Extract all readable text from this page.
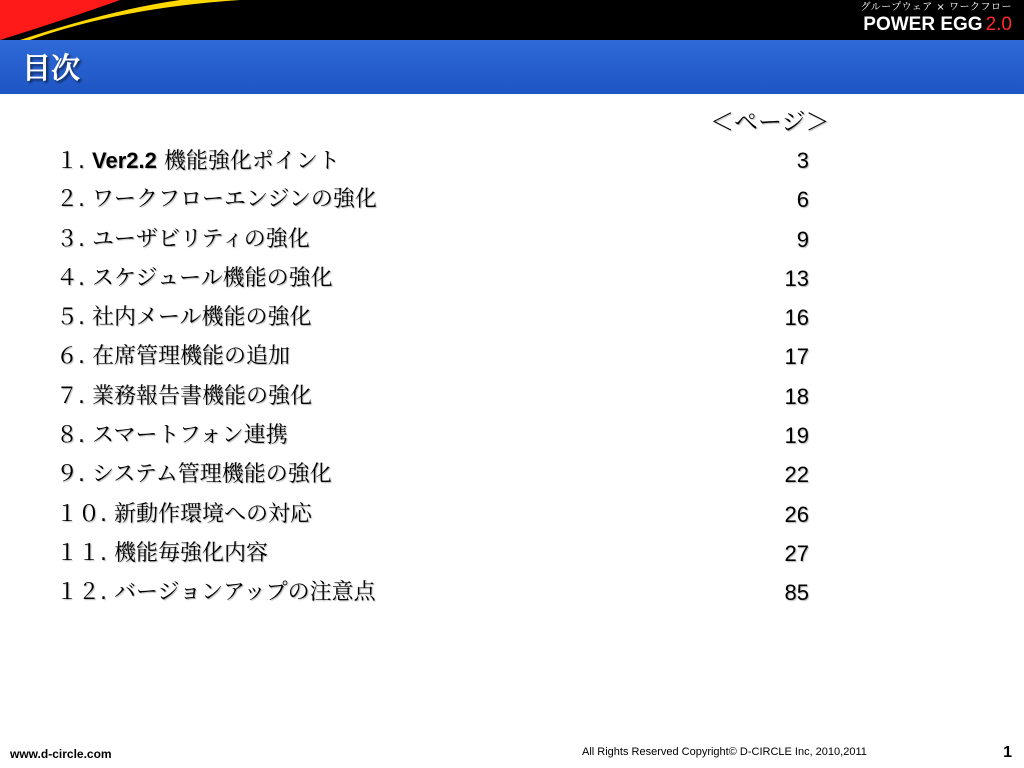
グループウェア × ワークフロー
POWER EGG 2.0
目次
＜ページ＞
１. Ver2.2 機能強化ポイント	3
２. ワークフローエンジンの強化	6
３. ユーザビリティの強化	9
４. スケジュール機能の強化	13
５. 社内メール機能の強化	16
６. 在席管理機能の追加	17
７. 業務報告書機能の強化	18
８. スマートフォン連携	19
９. システム管理機能の強化	22
１０. 新動作環境への対応	26
１１. 機能毎強化内容	27
１２. バージョンアップの注意点	85
www.d-circle.com	All Rights Reserved Copyright© D-CIRCLE Inc, 2010,2011	1
